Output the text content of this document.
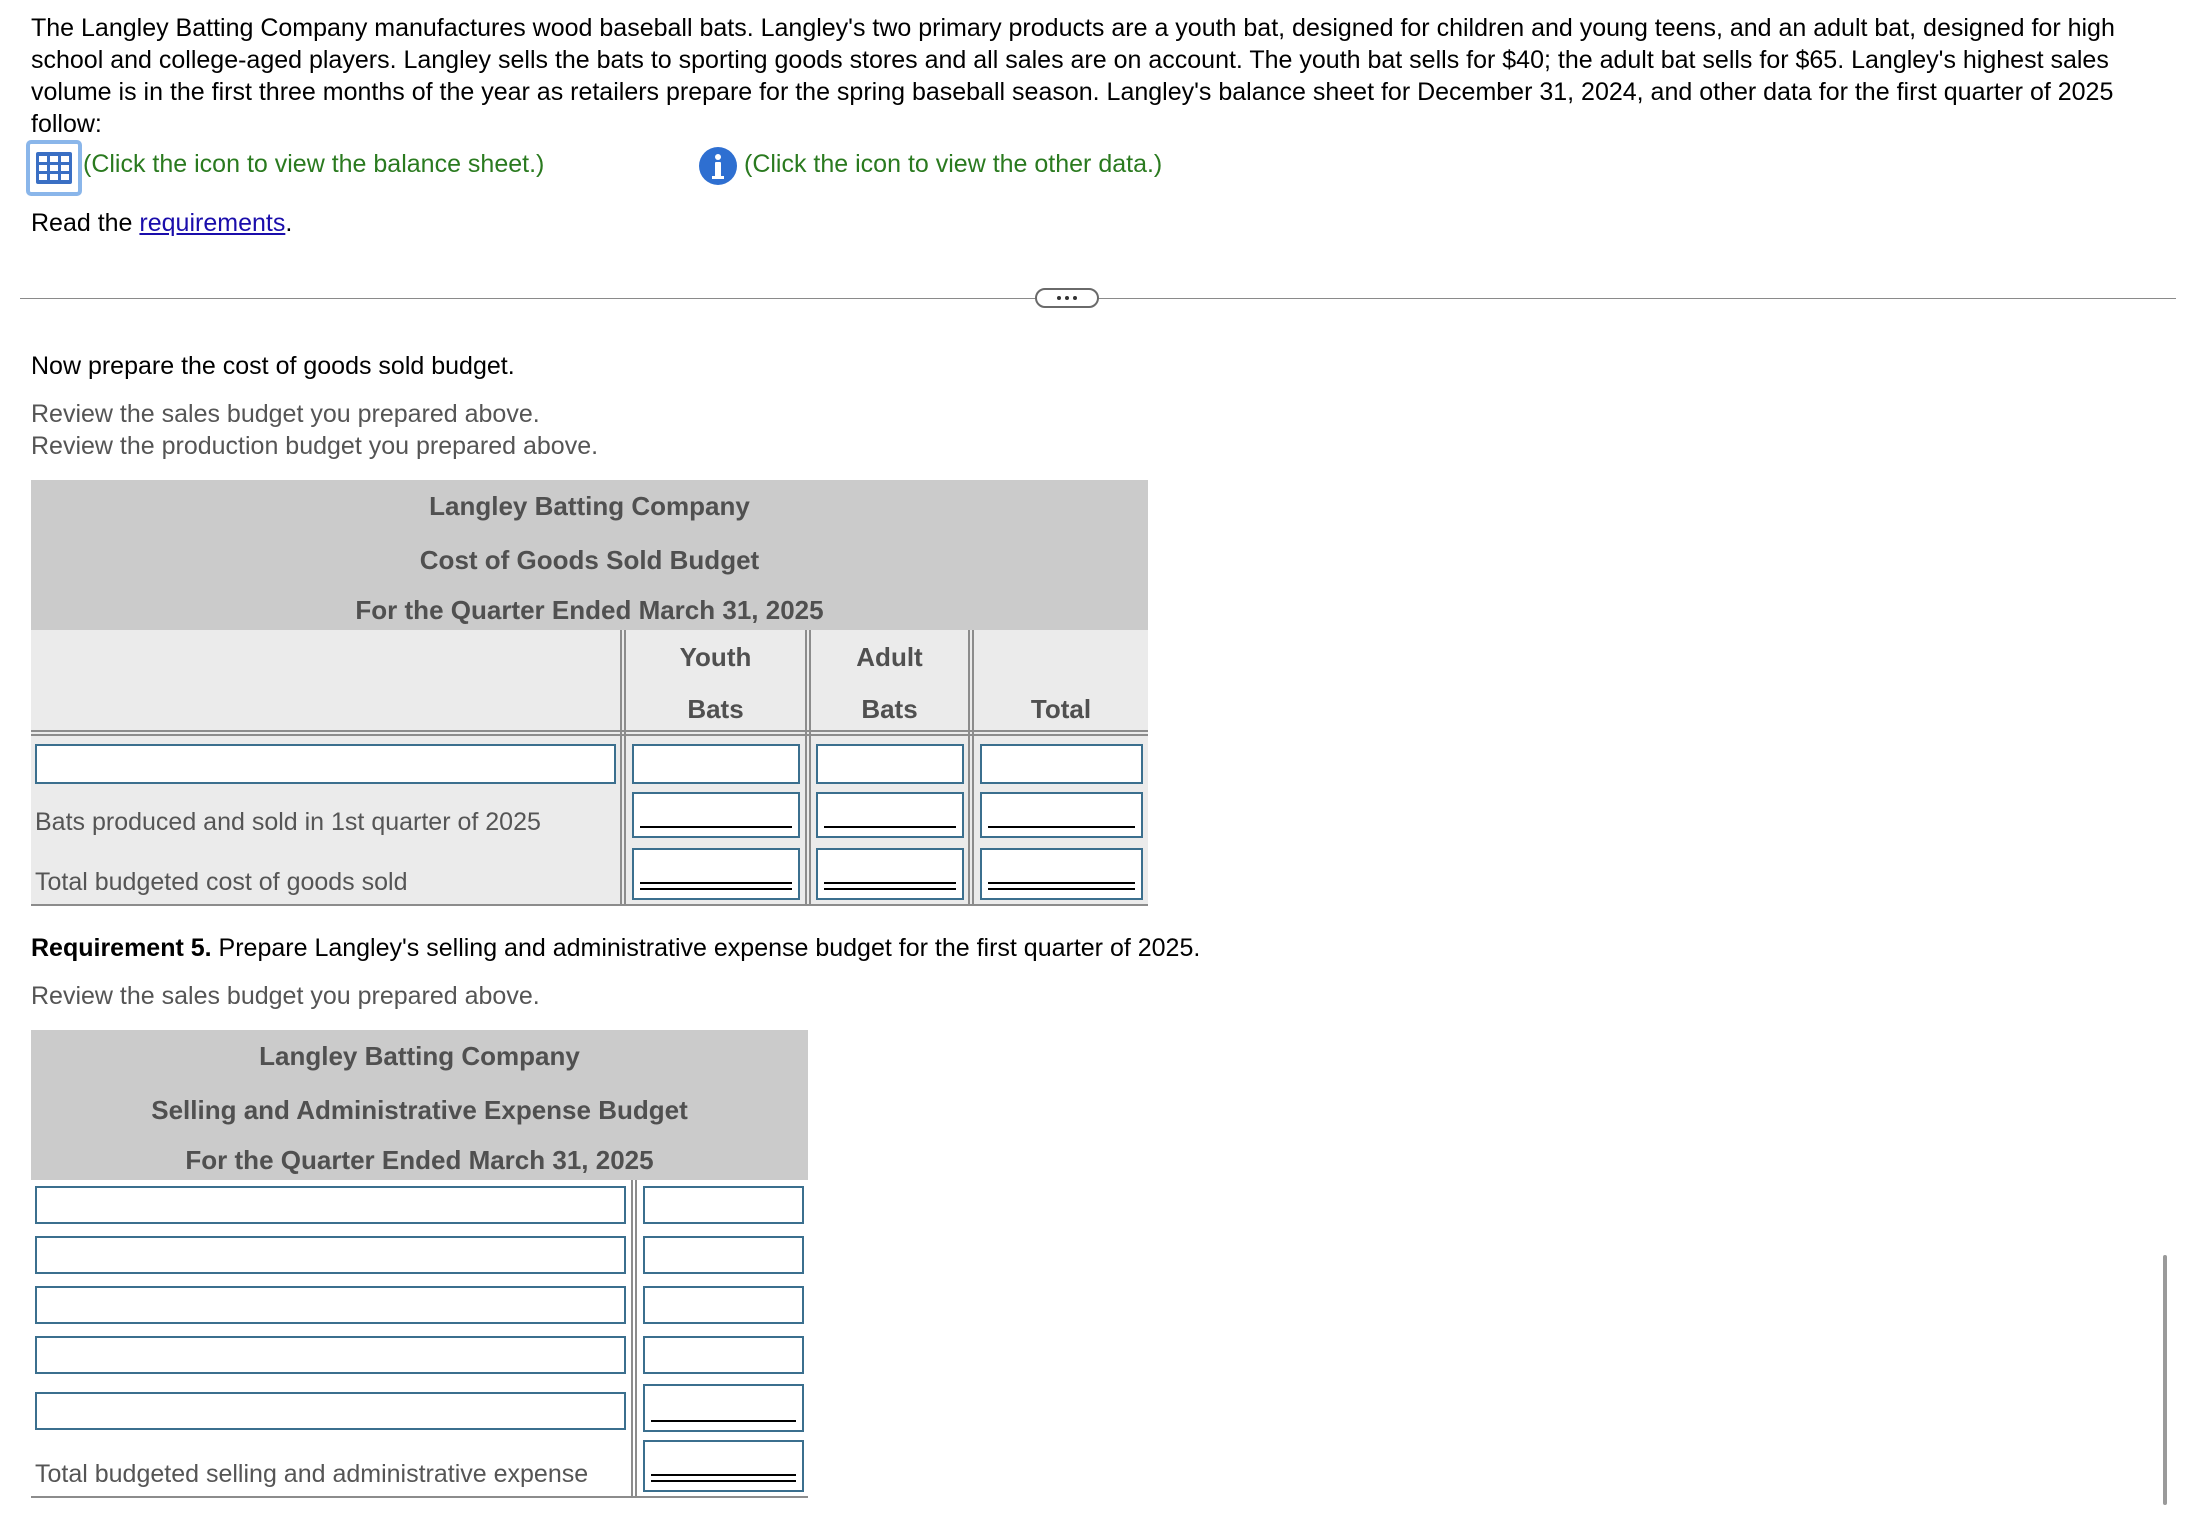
The Langley Batting Company manufactures wood baseball bats. Langley's two primary products are a youth bat, designed for children and young teens, and an adult bat, designed for high school and college-aged players. Langley sells the bats to sporting goods stores and all sales are on account. The youth bat sells for $40; the adult bat sells for $65. Langley's highest sales volume is in the first three months of the year as retailers prepare for the spring baseball season. Langley's balance sheet for December 31, 2024, and other data for the first quarter of 2025 follow:

(Click the icon to view the balance sheet.)	(Click the icon to view the other data.)
Read the requirements.
Now prepare the cost of goods sold budget.
Review the sales budget you prepared above.
Review the production budget you prepared above.
Langley Batting Company
Cost of Goods Sold Budget
For the Quarter Ended March 31, 2025
Youth
Bats
Adult
Bats	Total
Bats produced and sold in 1st quarter of 2025
Total budgeted cost of goods sold
Requirement 5. Prepare Langley's selling and administrative expense budget for the first quarter of 2025.
Review the sales budget you prepared above.
Langley Batting Company
Selling and Administrative Expense Budget
For the Quarter Ended March 31, 2025
Total budgeted selling and administrative expense
